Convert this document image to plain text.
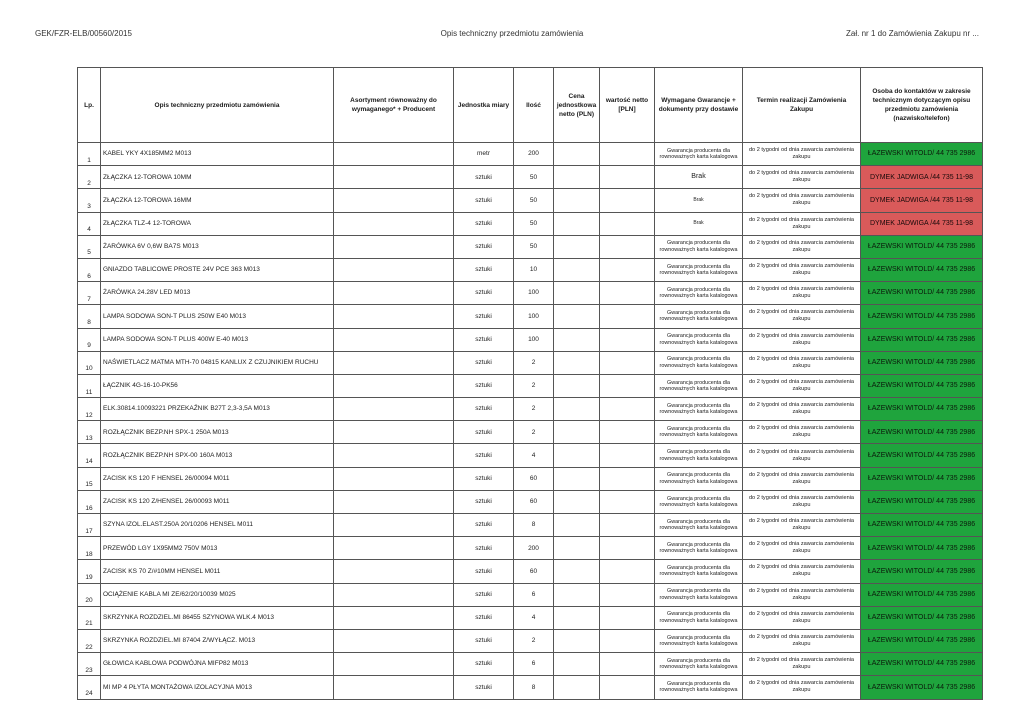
GEK/FZR-ELB/00560/2015	Opis techniczny przedmiotu zamówienia	Zał. nr 1 do Zamówienia Zakupu nr ...
Lp.	Opis techniczny przedmiotu zamówienia	Asortyment równoważny do wymaganego* + Producent	Jednostka miary	Ilość	Cena jednostkowa netto (PLN)	wartość netto [PLN]	Wymagane Gwarancje + dokumenty przy dostawie	Termin realizacji Zamówienia Zakupu	Osoba do kontaktów w zakresie technicznym dotyczącym opisu przedmiotu zamówienia (nazwisko/telefon)
1	KABEL YKY 4X185MM2 M013		metr	200			Gwarancja producenta dla rownoważnych karta katalogowa	do 2 tygodni od dnia zawarcia zamówienia zakupu	ŁAZEWSKI WITOLD/ 44 735 2986
2	ZŁĄCZKA 12-TOROWA 10MM		sztuki	50			Brak	do 2 tygodni od dnia zawarcia zamówienia zakupu	DYMEK JADWIGA /44 735 11-98
3	ZŁĄCZKA 12-TOROWA 16MM		sztuki	50			Brak	do 2 tygodni od dnia zawarcia zamówienia zakupu	DYMEK JADWIGA /44 735 11-98
4	ZŁĄCZKA TLZ-4 12-TOROWA		sztuki	50			Brak	do 2 tygodni od dnia zawarcia zamówienia zakupu	DYMEK JADWIGA /44 735 11-98
5	ŻARÓWKA 6V 0,6W BA7S M013		sztuki	50			Gwarancja producenta dla rownoważnych karta katalogowa	do 2 tygodni od dnia zawarcia zamówienia zakupu	ŁAZEWSKI WITOLD/ 44 735 2986
6	GNIAZDO TABLICOWE PROSTE 24V PCE 363 M013		sztuki	10			Gwarancja producenta dla rownoważnych karta katalogowa	do 2 tygodni od dnia zawarcia zamówienia zakupu	ŁAZEWSKI WITOLD/ 44 735 2986
7	ŻARÓWKA 24.28V LED M013		sztuki	100			Gwarancja producenta dla rownoważnych karta katalogowa	do 2 tygodni od dnia zawarcia zamówienia zakupu	ŁAZEWSKI WITOLD/ 44 735 2986
8	LAMPA SODOWA SON-T PLUS 250W E40 M013		sztuki	100			Gwarancja producenta dla rownoważnych karta katalogowa	do 2 tygodni od dnia zawarcia zamówienia zakupu	ŁAZEWSKI WITOLD/ 44 735 2986
9	LAMPA SODOWA SON-T PLUS 400W E-40 M013		sztuki	100			Gwarancja producenta dla rownoważnych karta katalogowa	do 2 tygodni od dnia zawarcia zamówienia zakupu	ŁAZEWSKI WITOLD/ 44 735 2986
10	NAŚWIETLACZ MATMA MTH-70 04815 KANLUX Z CZUJNIKIEM RUCHU		sztuki	2			Gwarancja producenta dla rownoważnych karta katalogowa	do 2 tygodni od dnia zawarcia zamówienia zakupu	ŁAZEWSKI WITOLD/ 44 735 2986
11	ŁĄCZNIK 4G-16-10-PK56		sztuki	2			Gwarancja producenta dla rownoważnych karta katalogowa	do 2 tygodni od dnia zawarcia zamówienia zakupu	ŁAZEWSKI WITOLD/ 44 735 2986
12	ELK.30814.10093221 PRZEKAŹNIK B27T 2,3-3,5A M013		sztuki	2			Gwarancja producenta dla rownoważnych karta katalogowa	do 2 tygodni od dnia zawarcia zamówienia zakupu	ŁAZEWSKI WITOLD/ 44 735 2986
13	ROZŁĄCZNIK BEZP.NH SPX-1 250A M013		sztuki	2			Gwarancja producenta dla rownoważnych karta katalogowa	do 2 tygodni od dnia zawarcia zamówienia zakupu	ŁAZEWSKI WITOLD/ 44 735 2986
14	ROZŁĄCZNIK BEZP.NH SPX-00 160A M013		sztuki	4			Gwarancja producenta dla rownoważnych karta katalogowa	do 2 tygodni od dnia zawarcia zamówienia zakupu	ŁAZEWSKI WITOLD/ 44 735 2986
15	ZACISK KS 120 F HENSEL 26/00094 M011		sztuki	60			Gwarancja producenta dla rownoważnych karta katalogowa	do 2 tygodni od dnia zawarcia zamówienia zakupu	ŁAZEWSKI WITOLD/ 44 735 2986
16	ZACISK KS 120 Z/HENSEL 26/00093 M011		sztuki	60			Gwarancja producenta dla rownoważnych karta katalogowa	do 2 tygodni od dnia zawarcia zamówienia zakupu	ŁAZEWSKI WITOLD/ 44 735 2986
17	SZYNA IZOL.ELAST.250A 20/10206 HENSEL M011		sztuki	8			Gwarancja producenta dla rownoważnych karta katalogowa	do 2 tygodni od dnia zawarcia zamówienia zakupu	ŁAZEWSKI WITOLD/ 44 735 2986
18	PRZEWÓD LGY 1X95MM2 750V M013		sztuki	200			Gwarancja producenta dla rownoważnych karta katalogowa	do 2 tygodni od dnia zawarcia zamówienia zakupu	ŁAZEWSKI WITOLD/ 44 735 2986
19	ZACISK KS 70 Z/#10MM HENSEL M011		sztuki	60			Gwarancja producenta dla rownoważnych karta katalogowa	do 2 tygodni od dnia zawarcia zamówienia zakupu	ŁAZEWSKI WITOLD/ 44 735 2986
20	OCIĄŻENIE KABLA MI ZE/62/20/10039 M025		sztuki	6			Gwarancja producenta dla rownoważnych karta katalogowa	do 2 tygodni od dnia zawarcia zamówienia zakupu	ŁAZEWSKI WITOLD/ 44 735 2986
21	SKRZYNKA ROZDZIEL.MI 86455 SZYNOWA WLK.4 M013		sztuki	4			Gwarancja producenta dla rownoważnych karta katalogowa	do 2 tygodni od dnia zawarcia zamówienia zakupu	ŁAZEWSKI WITOLD/ 44 735 2986
22	SKRZYNKA ROZDZIEL.MI 87404 Z/WYŁĄCZ. M013		sztuki	2			Gwarancja producenta dla rownoważnych karta katalogowa	do 2 tygodni od dnia zawarcia zamówienia zakupu	ŁAZEWSKI WITOLD/ 44 735 2986
23	GŁOWICA KABLOWA PODWÓJNA MIFP82 M013		sztuki	6			Gwarancja producenta dla rownoważnych karta katalogowa	do 2 tygodni od dnia zawarcia zamówienia zakupu	ŁAZEWSKI WITOLD/ 44 735 2986
24	MI MP 4 PŁYTA MONTAŻOWA IZOLACYJNA M013		sztuki	8			Gwarancja producenta dla rownoważnych karta katalogowa	do 2 tygodni od dnia zawarcia zamówienia zakupu	ŁAZEWSKI WITOLD/ 44 735 2986
